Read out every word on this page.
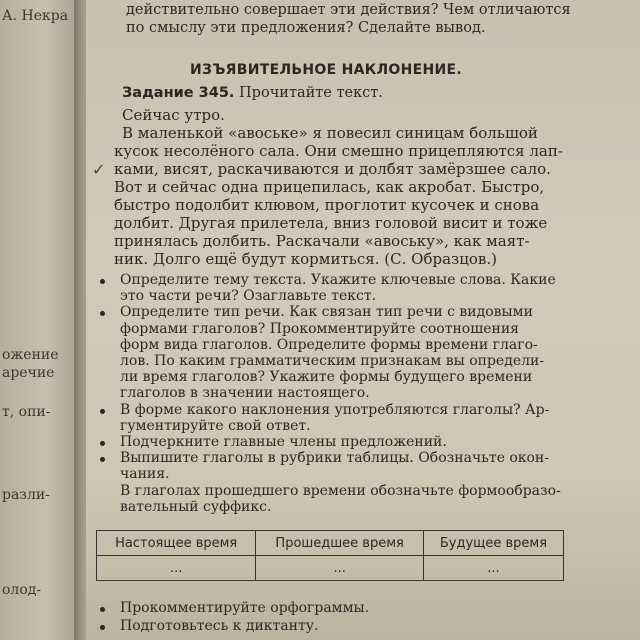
А. Некра
ожение
аречие
т, опи-
разли-
олод-
действительно совершает эти действия? Чем отличаются
по смыслу эти предложения? Сделайте вывод.
ИЗЪЯВИТЕЛЬНОЕ НАКЛОНЕНИЕ.
Задание 345. Прочитайте текст.
Сейчас утро.
В маленькой «авоське» я повесил синицам большой
кусок несолёного сала. Они смешно прицепляются лап-
ками, висят, раскачиваются и долбят замёрзшее сало.
Вот и сейчас одна прицепилась, как акробат. Быстро,
быстро подолбит клювом, проглотит кусочек и снова
долбит. Другая прилетела, вниз головой висит и тоже
принялась долбить. Раскачали «авоську», как маят-
ник. Долго ещё будут кормиться. (С. Образцов.)
✓
Определите тему текста. Укажите ключевые слова. Какие
это части речи? Озаглавьте текст.
Определите тип речи. Как связан тип речи с видовыми
формами глаголов? Прокомментируйте соотношения
форм вида глаголов. Определите формы времени глаго-
лов. По каким грамматическим признакам вы определи-
ли время глаголов? Укажите формы будущего времени
глаголов в значении настоящего.
В форме какого наклонения употребляются глаголы? Ар-
гументируйте свой ответ.
Подчеркните главные члены предложений.
Выпишите глаголы в рубрики таблицы. Обозначьте окон-
чания.
В глаголах прошедшего времени обозначьте формообразо-
вательный суффикс.
Настоящее время	Прошедшее время	Будущее время
...	...	...
Прокомментируйте орфограммы.
Подготовьтесь к диктанту.
